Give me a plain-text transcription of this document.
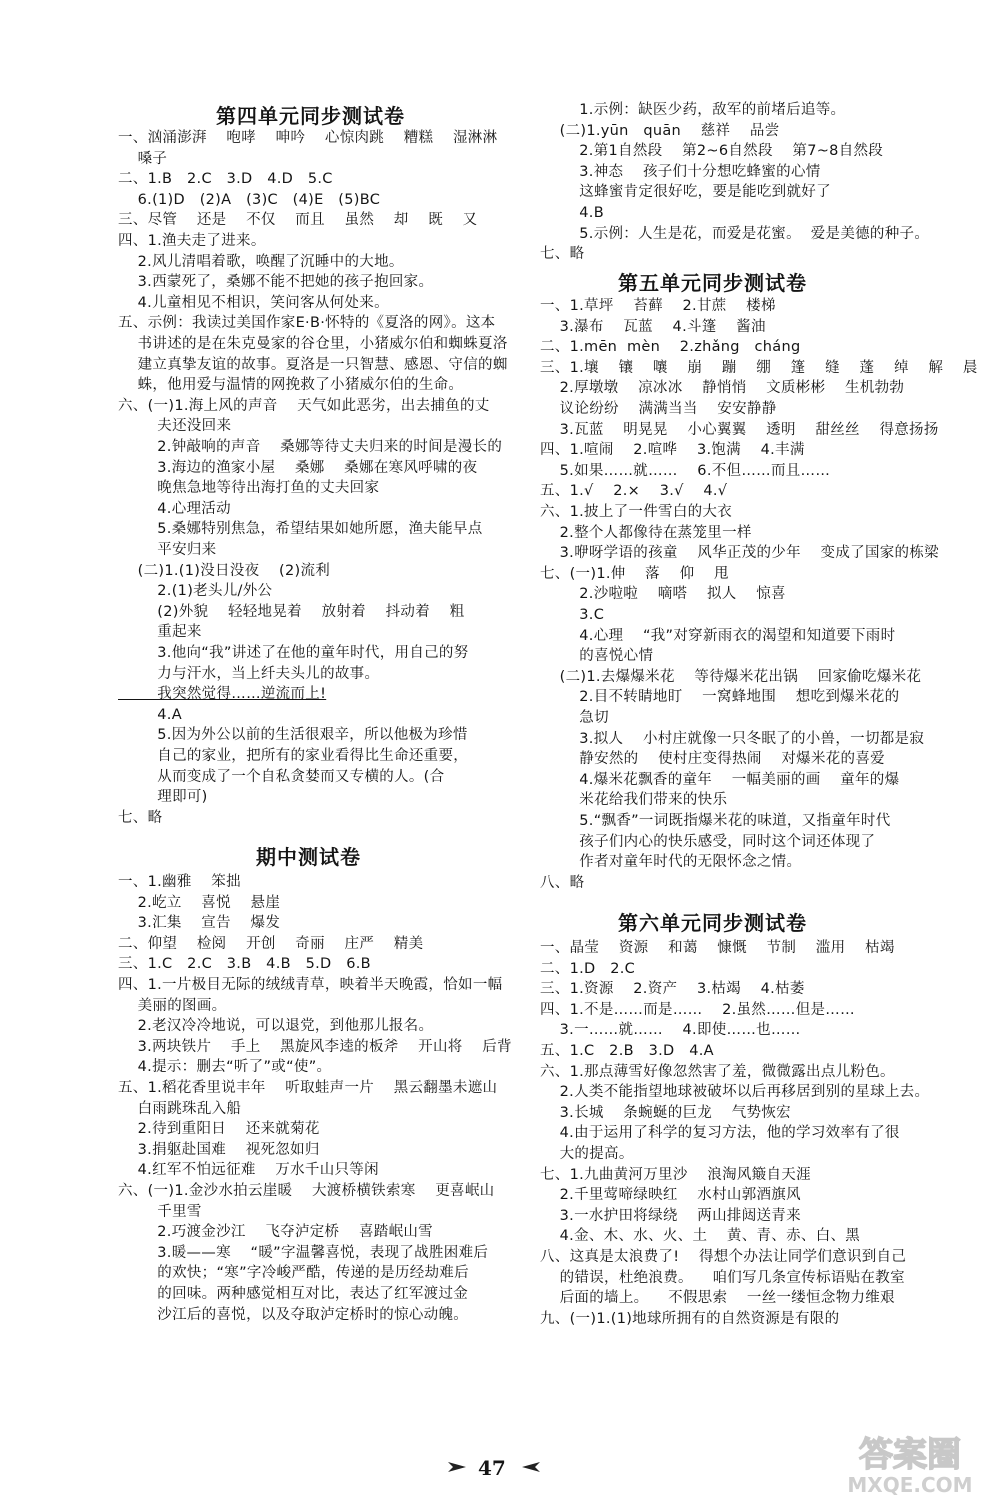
第四单元同步测试卷
一、汹涌澎湃    咆哮    呻吟    心惊肉跳    糟糕    湿淋淋
嗓子
二、1.B   2.C   3.D   4.D   5.C
6.(1)D   (2)A   (3)C   (4)E   (5)BC
三、尽管    还是    不仅    而且    虽然    却    既    又
四、1.渔夫走了进来。
2.风儿清唱着歌，唤醒了沉睡中的大地。
3.西蒙死了，桑娜不能不把她的孩子抱回家。
4.儿童相见不相识，笑问客从何处来。
五、示例：我读过美国作家E·B·怀特的《夏洛的网》。这本
书讲述的是在朱克曼家的谷仓里，小猪威尔伯和蜘蛛夏洛
建立真挚友谊的故事。夏洛是一只智慧、感恩、守信的蜘
蛛，他用爱与温情的网挽救了小猪威尔伯的生命。
六、(一)1.海上风的声音    天气如此恶劣，出去捕鱼的丈
夫还没回来
2.钟敲响的声音    桑娜等待丈夫归来的时间是漫长的
3.海边的渔家小屋    桑娜    桑娜在寒风呼啸的夜
晚焦急地等待出海打鱼的丈夫回家
4.心理活动
5.桑娜特别焦急，希望结果如她所愿，渔夫能早点
平安归来
(二)1.(1)没日没夜    (2)流利
2.(1)老头儿/外公
(2)外貌    轻轻地晃着    放射着    抖动着    粗
重起来
3.他向“我”讲述了在他的童年时代，用自己的努
力与汗水，当上纤夫头儿的故事。
我突然觉得……逆流而上!
4.A
5.因为外公以前的生活很艰辛，所以他极为珍惜
自己的家业，把所有的家业看得比生命还重要，
从而变成了一个自私贪婪而又专横的人。(合
理即可)
七、略
期中测试卷
一、1.幽雅    笨拙
2.屹立    喜悦    悬崖
3.汇集    宣告    爆发
二、仰望    检阅    开创    奇丽    庄严    精美
三、1.C   2.C   3.B   4.B   5.D   6.B
四、1.一片极目无际的绒绒青草，映着半天晚霞，恰如一幅
美丽的图画。
2.老汉冷冷地说，可以退党，到他那儿报名。
3.两块铁片    手上    黑旋风李逵的板斧    开山将    后背
4.提示：删去“听了”或“使”。
五、1.稻花香里说丰年    听取蛙声一片    黑云翻墨未遮山
白雨跳珠乱入船
2.待到重阳日    还来就菊花
3.捐躯赴国难    视死忽如归
4.红军不怕远征难    万水千山只等闲
六、(一)1.金沙水拍云崖暖    大渡桥横铁索寒    更喜岷山
千里雪
2.巧渡金沙江    飞夺泸定桥    喜踏岷山雪
3.暖——寒    “暖”字温馨喜悦，表现了战胜困难后
的欢快；“寒”字冷峻严酷，传递的是历经劫难后
的回味。两种感觉相互对比，表达了红军渡过金
沙江后的喜悦，以及夺取泸定桥时的惊心动魄。
1.示例：缺医少药，敌军的前堵后追等。
(二)1.yūn   quān    慈祥    品尝
2.第1自然段    第2~6自然段    第7~8自然段
3.神态    孩子们十分想吃蜂蜜的心情
这蜂蜜肯定很好吃，要是能吃到就好了
4.B
5.示例：人生是花，而爱是花蜜。  爱是美德的种子。
七、略
第五单元同步测试卷
一、1.草坪    苔藓    2.甘蔗    楼梯
3.瀑布    瓦蓝    4.斗篷    酱油
二、1.mēn  mèn    2.zhǎng   cháng
三、1.壤    镶    嚷    崩    蹦    绷    篷    缝    蓬    绰    解    晨
2.厚墩墩    凉冰冰    静悄悄    文质彬彬    生机勃勃
议论纷纷    满满当当    安安静静
3.瓦蓝    明晃晃    小心翼翼    透明    甜丝丝    得意扬扬
四、1.喧闹    2.喧哗    3.饱满    4.丰满
5.如果……就……    6.不但……而且……
五、1.√    2.×    3.√    4.√
六、1.披上了一件雪白的大衣
2.整个人都像待在蒸笼里一样
3.咿呀学语的孩童    风华正茂的少年    变成了国家的栋梁
七、(一)1.伸    落    仰    甩
2.沙啦啦    嘀嗒    拟人    惊喜
3.C
4.心理    “我”对穿新雨衣的渴望和知道要下雨时
的喜悦心情
(二)1.去爆爆米花    等待爆米花出锅    回家偷吃爆米花
2.目不转睛地盯    一窝蜂地围    想吃到爆米花的
急切
3.拟人    小村庄就像一只冬眠了的小兽，一切都是寂
静安然的    使村庄变得热闹    对爆米花的喜爱
4.爆米花飘香的童年    一幅美丽的画    童年的爆
米花给我们带来的快乐
5.“飘香”一词既指爆米花的味道，又指童年时代
孩子们内心的快乐感受，同时这个词还体现了
作者对童年时代的无限怀念之情。
八、略
第六单元同步测试卷
一、晶莹    资源    和蔼    慷慨    节制    滥用    枯竭
二、1.D   2.C
三、1.资源    2.资产    3.枯竭    4.枯萎
四、1.不是……而是……    2.虽然……但是……
3.一……就……    4.即使……也……
五、1.C   2.B   3.D   4.A
六、1.那点薄雪好像忽然害了羞，微微露出点儿粉色。
2.人类不能指望地球被破坏以后再移居到别的星球上去。
3.长城    条蜿蜒的巨龙    气势恢宏
4.由于运用了科学的复习方法，他的学习效率有了很
大的提高。
七、1.九曲黄河万里沙    浪淘风簸自天涯
2.千里莺啼绿映红    水村山郭酒旗风
3.一水护田将绿绕    两山排闼送青来
4.金、木、水、火、土    黄、青、赤、白、黑
八、这真是太浪费了!    得想个办法让同学们意识到自己
的错误，杜绝浪费。    咱们写几条宣传标语贴在教室
后面的墙上。    不假思索    一丝一缕恒念物力维艰
九、(一)1.(1)地球所拥有的自然资源是有限的
47	答案圈
MXQE.COM
